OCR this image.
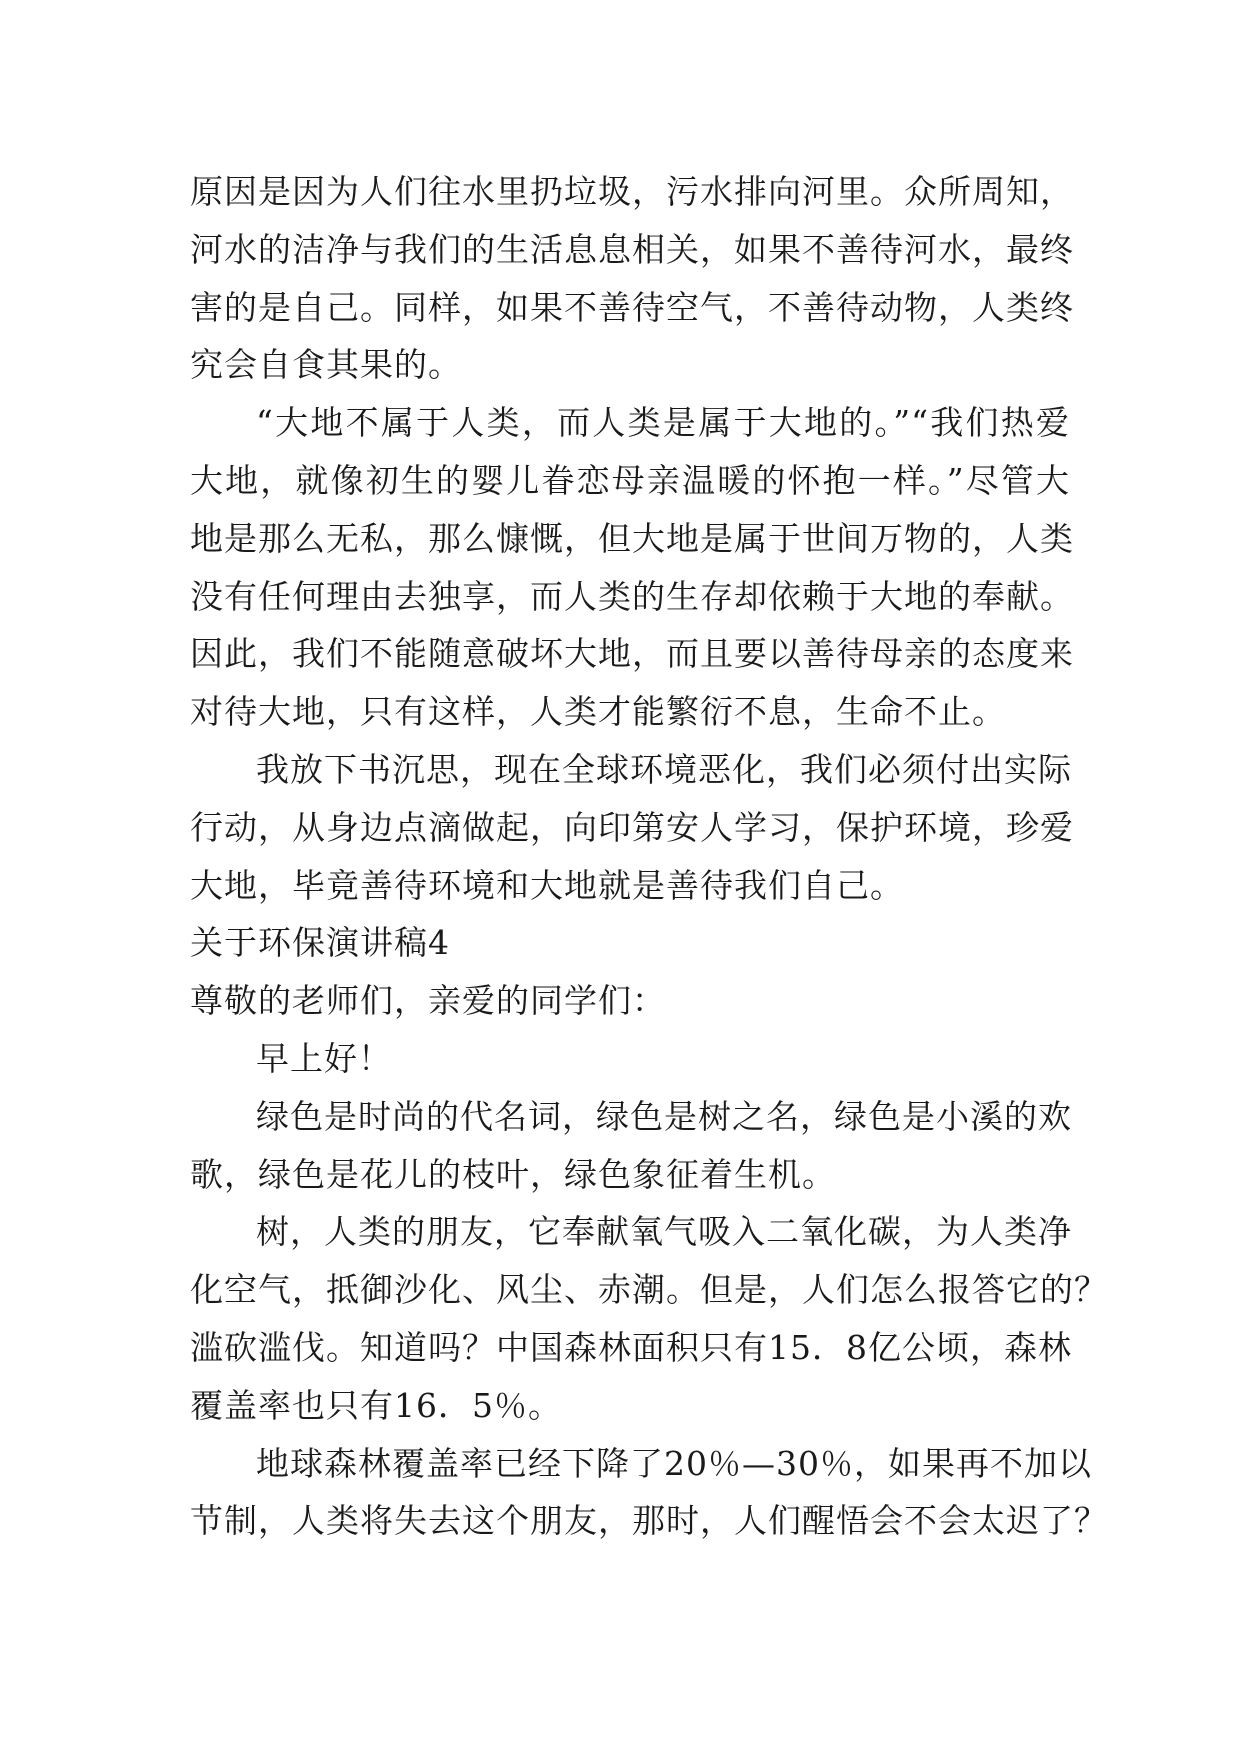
原因是因为人们往水里扔垃圾，污水排向河里。众所周知，
河水的洁净与我们的生活息息相关，如果不善待河水，最终
害的是自己。同样，如果不善待空气，不善待动物，人类终
究会自食其果的。
“大地不属于人类，而人类是属于大地的。”“我们热爱
大地，就像初生的婴儿眷恋母亲温暖的怀抱一样。”尽管大
地是那么无私，那么慷慨，但大地是属于世间万物的，人类
没有任何理由去独享，而人类的生存却依赖于大地的奉献。
因此，我们不能随意破坏大地，而且要以善待母亲的态度来
对待大地，只有这样，人类才能繁衍不息，生命不止。
我放下书沉思，现在全球环境恶化，我们必须付出实际
行动，从身边点滴做起，向印第安人学习，保护环境，珍爱
大地，毕竟善待环境和大地就是善待我们自己。
关于环保演讲稿4
尊敬的老师们，亲爱的同学们：
早上好！
绿色是时尚的代名词，绿色是树之名，绿色是小溪的欢
歌，绿色是花儿的枝叶，绿色象征着生机。
树，人类的朋友，它奉献氧气吸入二氧化碳，为人类净
化空气，抵御沙化、风尘、赤潮。但是，人们怎么报答它的？
滥砍滥伐。知道吗？中国森林面积只有15．8亿公顷，森林
覆盖率也只有16．5％。
地球森林覆盖率已经下降了20％—30％，如果再不加以
节制，人类将失去这个朋友，那时，人们醒悟会不会太迟了？
